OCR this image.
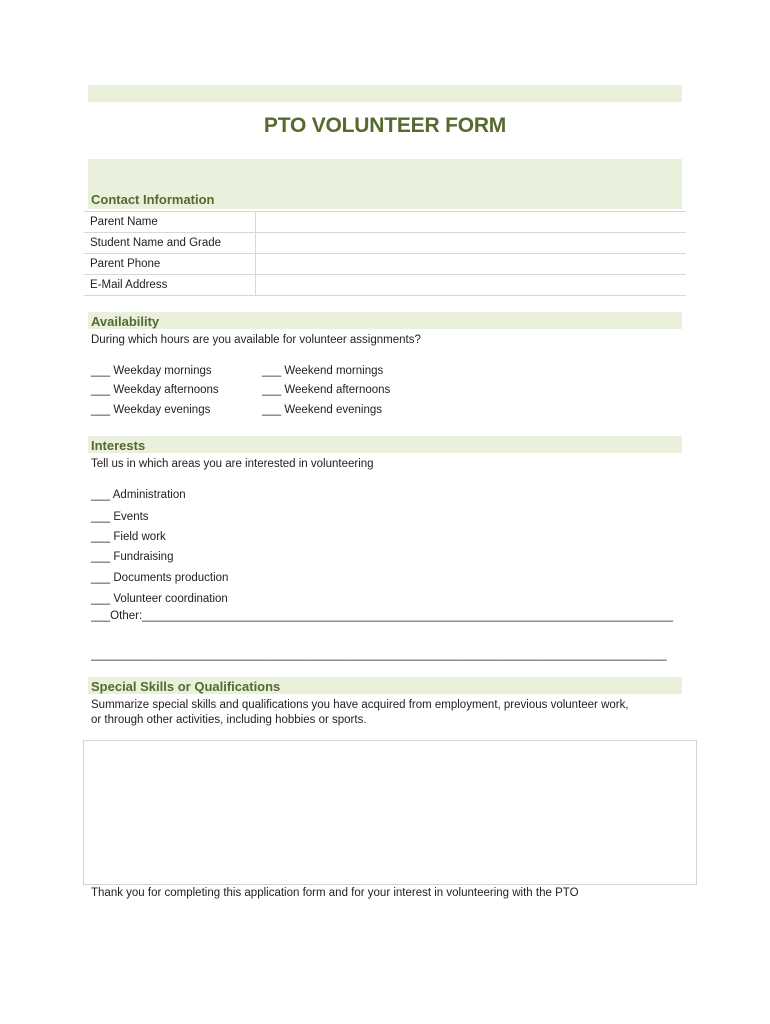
PTO VOLUNTEER FORM
Contact Information
Parent Name	
Student Name and Grade	
Parent Phone	
E-Mail Address	
Availability
During which hours are you available for volunteer assignments?
___ Weekday mornings
___ Weekday afternoons
___ Weekday evenings
___ Weekend mornings
___ Weekend afternoons
___ Weekend evenings
Interests
Tell us in which areas you are interested in volunteering
___ Administration
___ Events
___ Field work
___ Fundraising
___ Documents production
___ Volunteer coordination
___Other:___________________________________________________________________________________
__________________________________________________________________________________________
Special Skills or Qualifications
Summarize special skills and qualifications you have acquired from employment, previous volunteer work,
or through other activities, including hobbies or sports.
Thank you for completing this application form and for your interest in volunteering with the PTO
